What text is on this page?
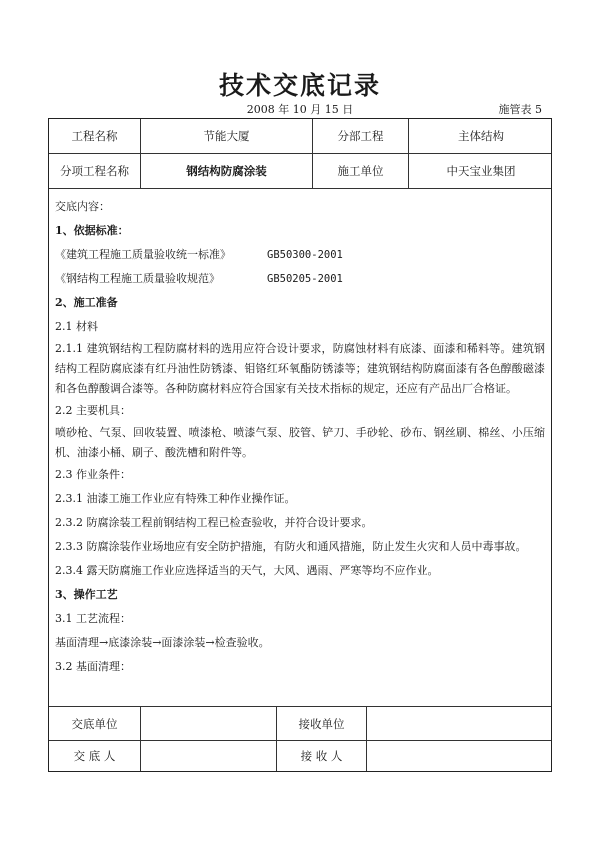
技术交底记录
2008 年 10 月 15 日	施管表 5
工程名称	节能大厦	分部工程	主体结构
分项工程名称	钢结构防腐涂装	施工单位	中天宝业集团

交底内容：

1、依据标准：

《建筑工程施工质量验收统一标准》	GB50300-2001
《钢结构工程施工质量验收规范》	GB50205-2001

2、施工准备

2.1 材料

2.1.1 建筑钢结构工程防腐材料的选用应符合设计要求，防腐蚀材料有底漆、面漆和稀料等。建筑钢结构工程防腐底漆有红丹油性防锈漆、钼铬红环氧酯防锈漆等；建筑钢结构防腐面漆有各色醇酸磁漆和各色醇酸调合漆等。各种防腐材料应符合国家有关技术指标的规定，还应有产品出厂合格证。

2.2 主要机具：

喷砂枪、气泵、回收装置、喷漆枪、喷漆气泵、胶管、铲刀、手砂轮、砂布、钢丝刷、棉丝、小压缩机、油漆小桶、刷子、酸洗槽和附件等。

2.3 作业条件：

2.3.1 油漆工施工作业应有特殊工种作业操作证。

2.3.2 防腐涂装工程前钢结构工程已检查验收，并符合设计要求。

2.3.3 防腐涂装作业场地应有安全防护措施，有防火和通风措施，防止发生火灾和人员中毒事故。

2.3.4 露天防腐施工作业应选择适当的天气，大风、遇雨、严寒等均不应作业。

3、操作工艺

3.1 工艺流程：

基面清理→底漆涂装→面漆涂装→检查验收。

3.2 基面清理：

交底单位	接收单位
交 底 人	接 收 人
